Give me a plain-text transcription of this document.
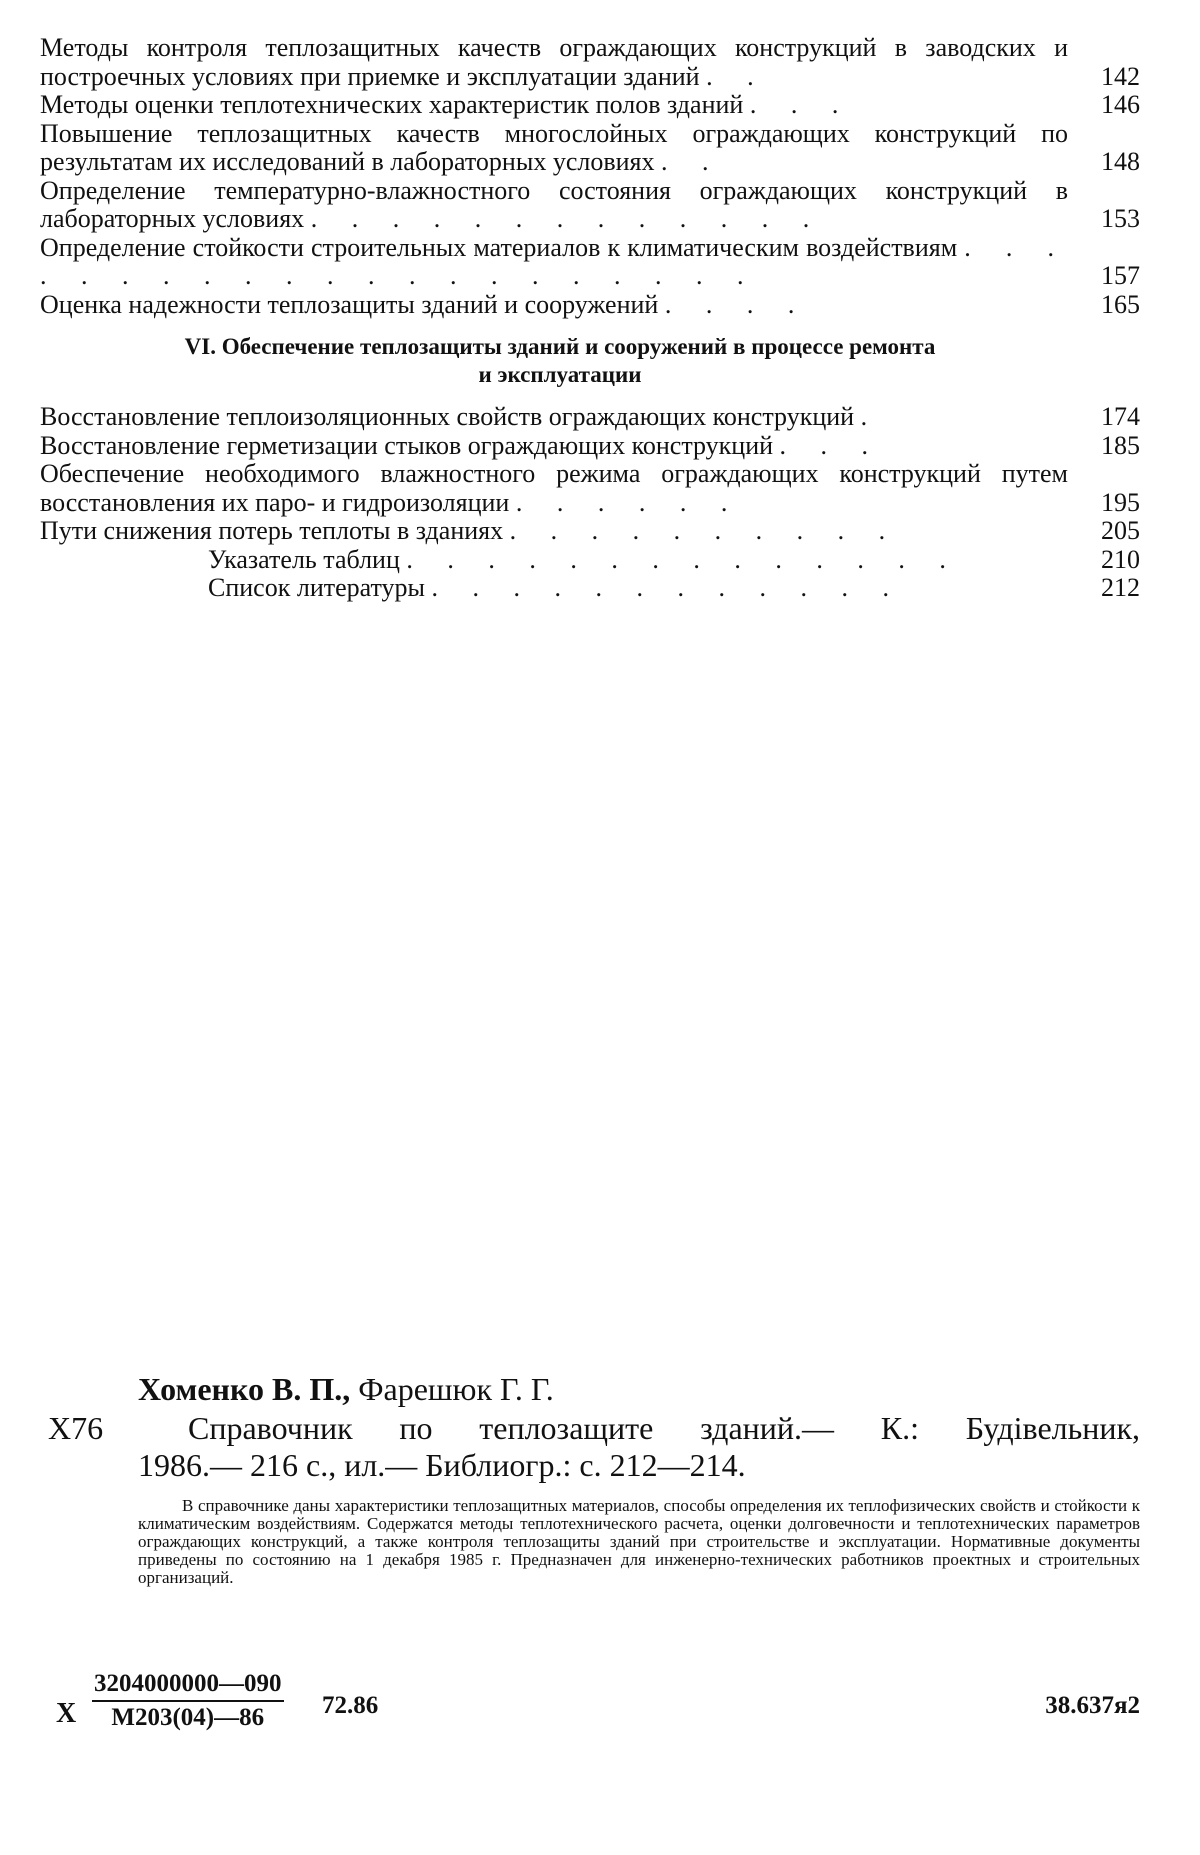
Методы контроля теплозащитных качеств ограждающих конструкций в заводских и построечных условиях при приемке и эксплуатации зданий . .	142
Методы оценки теплотехнических характеристик полов зданий . . .	146
Повышение теплозащитных качеств многослойных ограждающих конструкций по результатам их исследований в лабораторных условиях . .	148
Определение температурно-влажностного состояния ограждающих конструкций в лабораторных условиях . . . . . . . . . . . . .	153
Определение стойкости строительных материалов к климатическим воздействиям . . . . . . . . . . . . . . . . . . . . .	157
Оценка надежности теплозащиты зданий и сооружений . . . .	165
VI. Обеспечение теплозащиты зданий и сооружений в процессе ремонта
и эксплуатации
Восстановление теплоизоляционных свойств ограждающих конструкций .	174
Восстановление герметизации стыков ограждающих конструкций . . .	185
Обеспечение необходимого влажностного режима ограждающих конструкций путем восстановления их паро- и гидроизоляции . . . . . .	195
Пути снижения потерь теплоты в зданиях . . . . . . . . . .	205
Указатель таблиц . . . . . . . . . . . . . .	210
Список литературы . . . . . . . . . . . .	212
Хоменко В. П., Фарешюк Г. Г.
Х76	Справочник по теплозащите зданий.— К.: Будівельник,
1986.— 216 с., ил.— Библиогр.: с. 212—214.
В справочнике даны характеристики теплозащитных материалов, способы определения их теплофизических свойств и стойкости к климатическим воздействиям. Содержатся методы теплотехнического расчета, оценки долговечности и теплотехнических параметров ограждающих конструкций, а также контроля теплозащиты зданий при строительстве и эксплуатации. Нормативные документы приведены по состоянию на 1 декабря 1985 г. Предназначен для инженерно-технических работников проектных и строительных организаций.
Х
3204000000—090
М203(04)—86	72.86	38.637я2
